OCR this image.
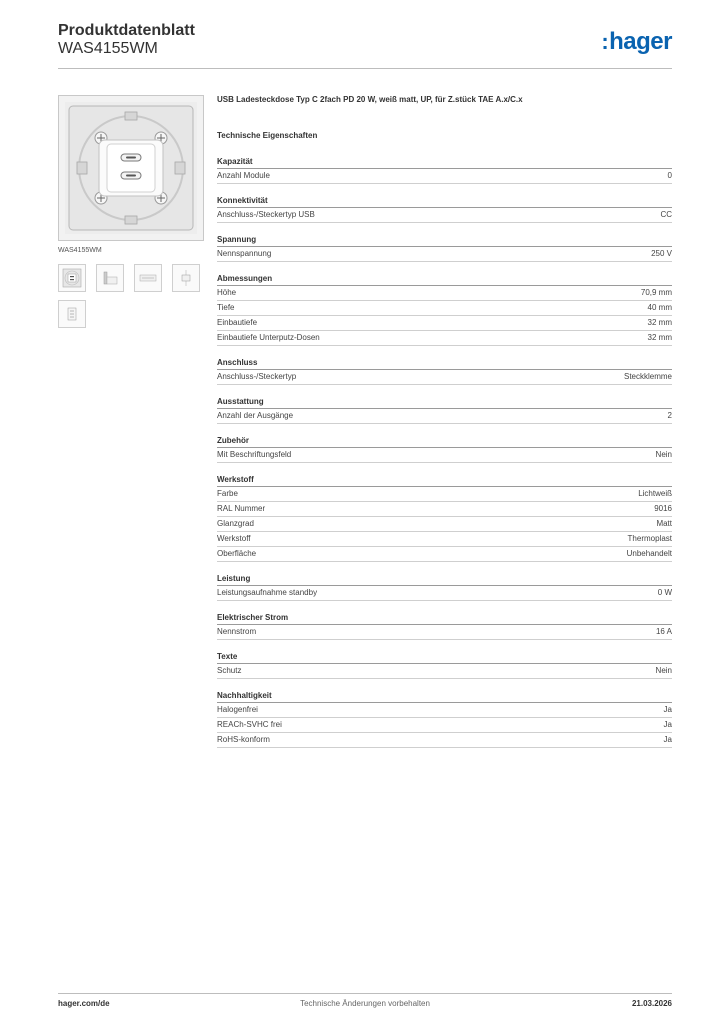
Produktdatenblatt
WAS4155WM	:hager
WAS4155WM
USB Ladesteckdose Typ C 2fach PD 20 W, weiß matt, UP, für Z.stück TAE A.x/C.x
Technische Eigenschaften
Kapazität
Anzahl Module	0
Konnektivität
Anschluss-/Steckertyp USB	CC
Spannung
Nennspannung	250 V
Abmessungen
Höhe	70,9 mm
Tiefe	40 mm
Einbautiefe	32 mm
Einbautiefe Unterputz-Dosen	32 mm
Anschluss
Anschluss-/Steckertyp	Steckklemme
Ausstattung
Anzahl der Ausgänge	2
Zubehör
Mit Beschriftungsfeld	Nein
Werkstoff
Farbe	Lichtweiß
RAL Nummer	9016
Glanzgrad	Matt
Werkstoff	Thermoplast
Oberfläche	Unbehandelt
Leistung
Leistungsaufnahme standby	0 W
Elektrischer Strom
Nennstrom	16 A
Texte
Schutz	Nein
Nachhaltigkeit
Halogenfrei	Ja
REACh-SVHC frei	Ja
RoHS-konform	Ja
hager.com/de	Technische Änderungen vorbehalten	21.03.2026
